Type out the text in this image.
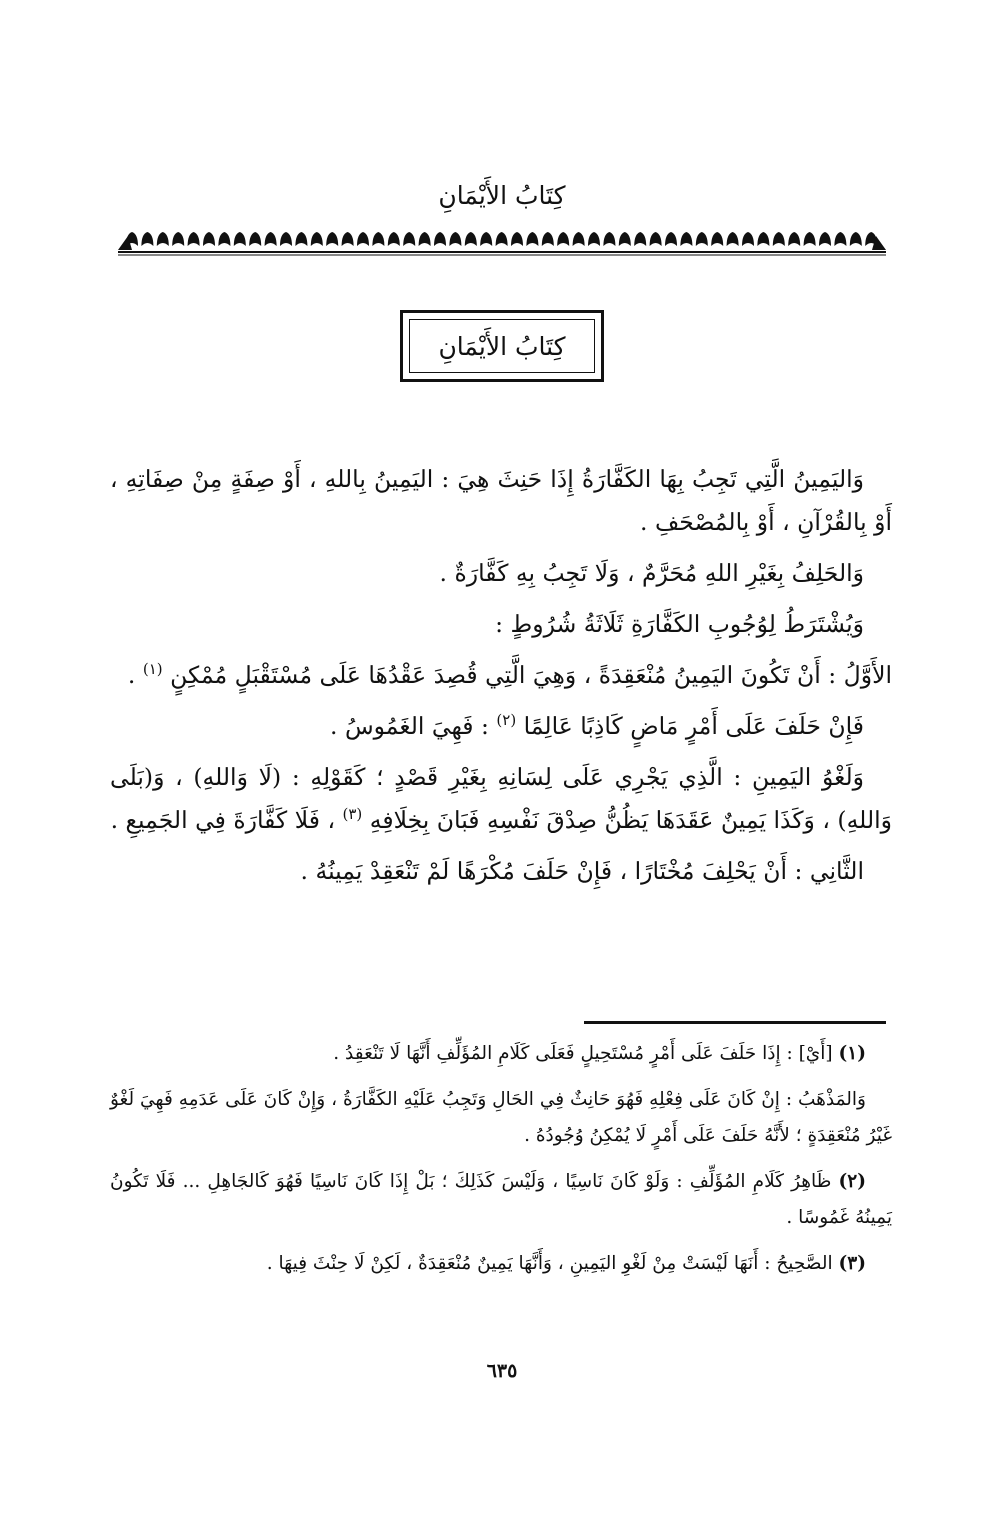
كِتَابُ الأَيْمَانِ
كِتَابُ الأَيْمَانِ

وَاليَمِينُ الَّتِي تَجِبُ بِهَا الكَفَّارَةُ إِذَا حَنِثَ هِيَ : اليَمِينُ بِاللهِ ، أَوْ صِفَةٍ مِنْ صِفَاتِهِ ، أَوْ بِالقُرْآنِ ، أَوْ بِالمُصْحَفِ .

وَالحَلِفُ بِغَيْرِ اللهِ مُحَرَّمٌ ، وَلَا تَجِبُ بِهِ كَفَّارَةٌ .

وَيُشْتَرَطُ لِوُجُوبِ الكَفَّارَةِ ثَلَاثَةُ شُرُوطٍ :

الأَوَّلُ : أَنْ تَكُونَ اليَمِينُ مُنْعَقِدَةً ، وَهِيَ الَّتِي قُصِدَ عَقْدُهَا عَلَى مُسْتَقْبَلٍ مُمْكِنٍ $^{(١)}$ .

فَإِنْ حَلَفَ عَلَى أَمْرٍ مَاضٍ كَاذِبًا عَالِمًا $^{(٢)}$ : فَهِيَ الغَمُوسُ .

وَلَغْوُ اليَمِينِ : الَّذِي يَجْرِي عَلَى لِسَانِهِ بِغَيْرِ قَصْدٍ ؛ كَقَوْلِهِ : (لَا وَاللهِ) ، وَ(بَلَى وَاللهِ) ، وَكَذَا يَمِينٌ عَقَدَهَا يَظُنُّ صِدْقَ نَفْسِهِ فَبَانَ بِخِلَافِهِ $^{(٣)}$ ، فَلَا كَفَّارَةَ فِي الجَمِيعِ .

الثَّانِي : أَنْ يَحْلِفَ مُخْتَارًا ، فَإِنْ حَلَفَ مُكْرَهًا لَمْ تَنْعَقِدْ يَمِينُهُ .

(١) [أَيْ] : إِذَا حَلَفَ عَلَى أَمْرٍ مُسْتَحِيلٍ فَعَلَى كَلَامِ المُؤَلِّفِ أَنَّهَا لَا تَنْعَقِدُ .

وَالمَذْهَبُ : إِنْ كَانَ عَلَى فِعْلِهِ فَهُوَ حَانِثٌ فِي الحَالِ وَتَجِبُ عَلَيْهِ الكَفَّارَةُ ، وَإِنْ كَانَ عَلَى عَدَمِهِ فَهِيَ لَغْوٌ غَيْرُ مُنْعَقِدَةٍ ؛ لأَنَّهُ حَلَفَ عَلَى أَمْرٍ لَا يُمْكِنُ وُجُودُهُ .

(٢) ظَاهِرُ كَلَامِ المُؤَلِّفِ : وَلَوْ كَانَ نَاسِيًا ، وَلَيْسَ كَذَلِكَ ؛ بَلْ إِذَا كَانَ نَاسِيًا فَهُوَ كَالجَاهِلِ ... فَلَا تَكُونُ يَمِينُهُ غَمُوسًا .

(٣) الصَّحِيحُ : أَنَهَا لَيْسَتْ مِنْ لَغْوِ اليَمِينِ ، وَأَنَّهَا يَمِينٌ مُنْعَقِدَةٌ ، لَكِنْ لَا حِنْثَ فِيهَا .

٦٣٥
